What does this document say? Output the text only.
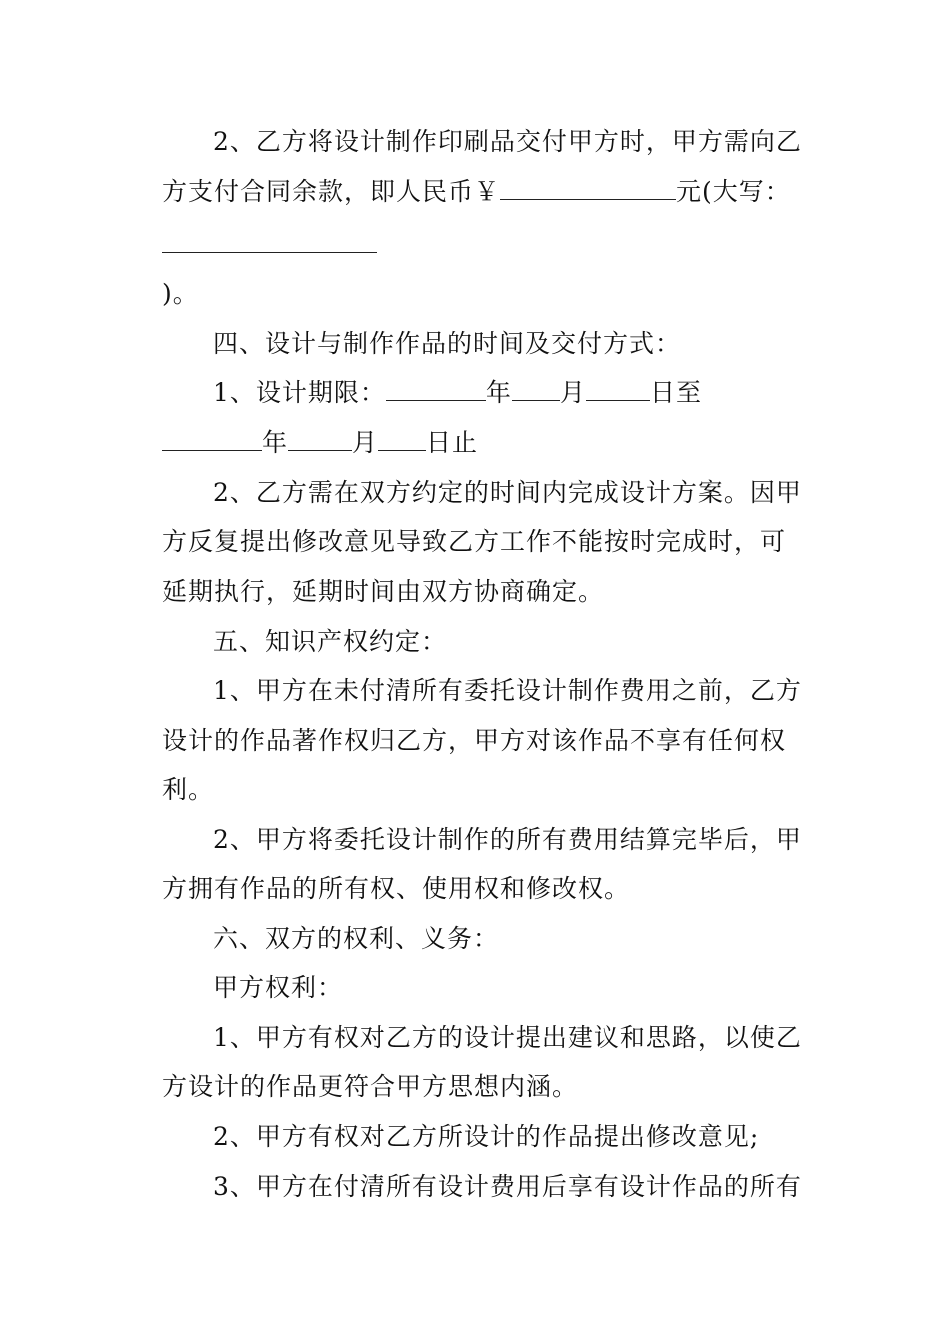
2、乙方将设计制作印刷品交付甲方时，甲方需向乙
方支付合同余款，即人民币￥	元(大写：
)。
四、设计与制作作品的时间及交付方式：
1、设计期限：	年 月	日至
年	月 日止
2、乙方需在双方约定的时间内完成设计方案。因甲
方反复提出修改意见导致乙方工作不能按时完成时，可
延期执行，延期时间由双方协商确定。
五、知识产权约定：
1、甲方在未付清所有委托设计制作费用之前，乙方
设计的作品著作权归乙方，甲方对该作品不享有任何权
利。
2、甲方将委托设计制作的所有费用结算完毕后，甲
方拥有作品的所有权、使用权和修改权。
六、双方的权利、义务：
甲方权利：
1、甲方有权对乙方的设计提出建议和思路，以使乙
方设计的作品更符合甲方思想内涵。
2、甲方有权对乙方所设计的作品提出修改意见;
3、甲方在付清所有设计费用后享有设计作品的所有
